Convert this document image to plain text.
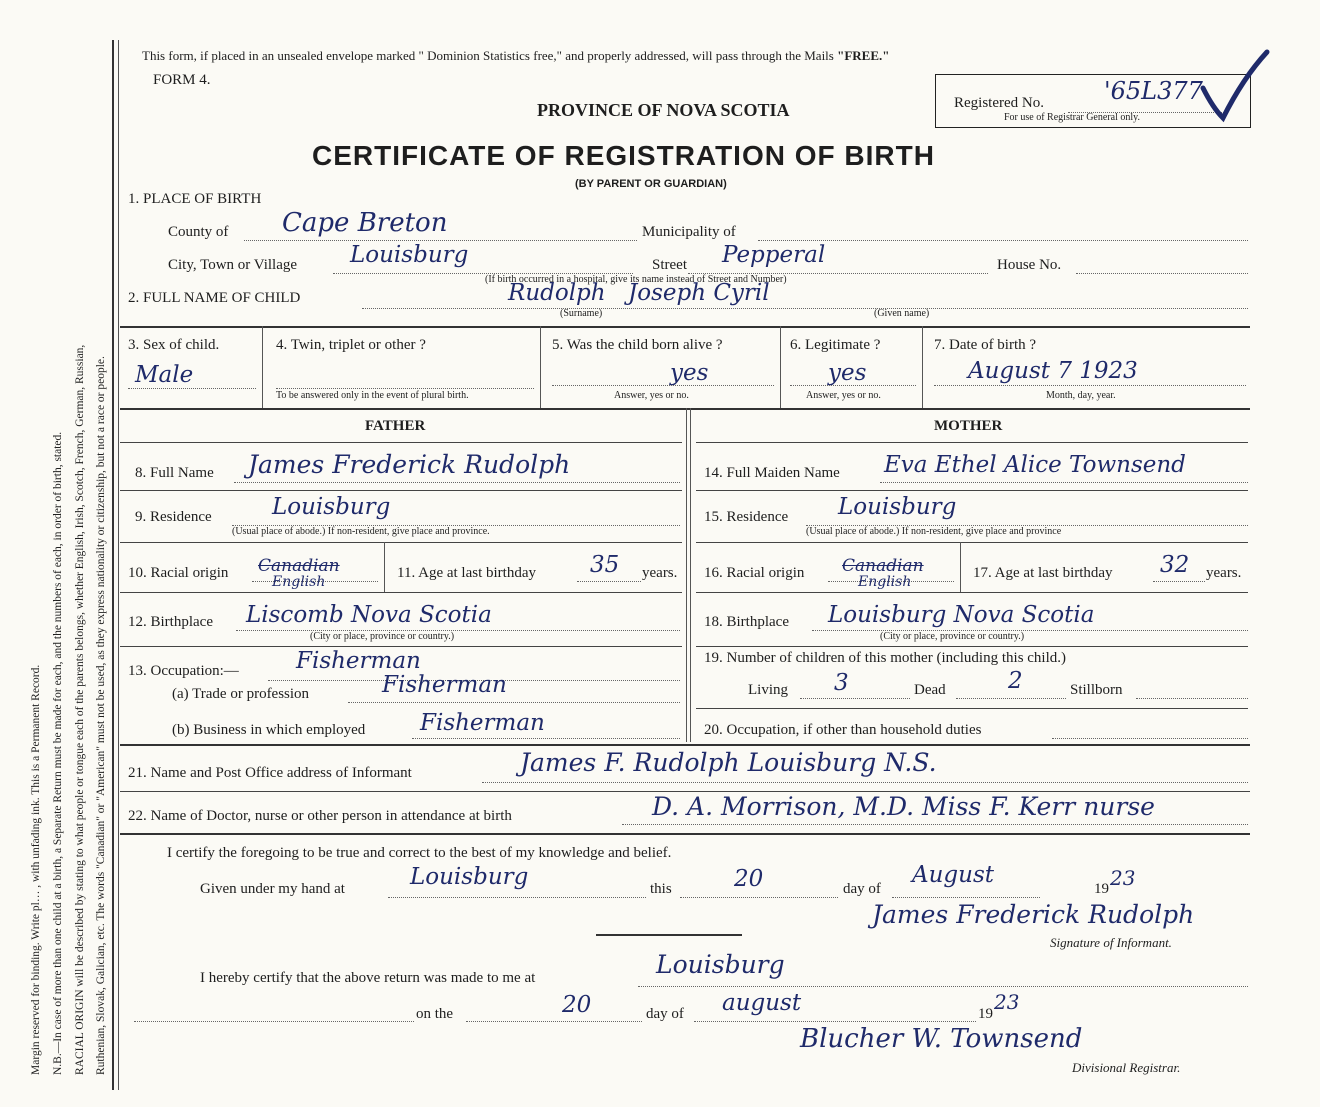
Margin reserved for binding. Write pl… , with unfading ink. This is a Permanent Record. N.B.—In case of more than one child at a birth, a Separate Return must be made for each, and the numbers of each, in order of birth, stated. RACIAL ORIGIN will be described by stating to what people or tongue each of the parents belongs, whether English, Irish, Scotch, French, German, Russian, Ruthenian, Slovak, Galician, etc. The words "Canadian" or "American" must not be used, as they express nationality or citizenship, but not a race or people.
This form, if placed in an unsealed envelope marked " Dominion Statistics free," and properly addressed, will pass through the Mails "FREE."
FORM 4.
PROVINCE OF NOVA SCOTIA
CERTIFICATE OF REGISTRATION OF BIRTH
(BY PARENT OR GUARDIAN)
Registered No.	'65L377
For use of Registrar General only.
1. PLACE OF BIRTH
County of Cape Breton	Municipality of
City, Town or Village Louisburg	Street Pepperal	House No.
(If birth occurred in a hospital, give its name instead of Street and Number)
2. FULL NAME OF CHILD	Rudolph Joseph Cyril
(Surname)	(Given name)
3. Sex of child.
Male
4. Twin, triplet or other ?
To be answered only in the event of plural birth.
5. Was the child born alive ?
yes
Answer, yes or no.
6. Legitimate ?
yes
Answer, yes or no.
7. Date of birth ?
August 7 1923
Month, day, year.
FATHER	MOTHER
8. Full Name James Frederick Rudolph
9. Residence	Louisburg
(Usual place of abode.) If non-resident, give place and province.
10. Racial origin Canadian
English
11. Age at last birthday 35 years.
12. Birthplace Liscomb Nova Scotia
(City or place, province or country.)
13. Occupation:— Fisherman
(a) Trade or profession	Fisherman
(b) Business in which employed Fisherman
14. Full Maiden Name Eva Ethel Alice Townsend
15. Residence Louisburg
(Usual place of abode.) If non-resident, give place and province
16. Racial origin Canadian
English
17. Age at last birthday 32 years.
18. Birthplace Louisburg Nova Scotia
(City or place, province or country.)
19. Number of children of this mother (including this child.)
Living 3	Dead	2	Stillborn
20. Occupation, if other than household duties
21. Name and Post Office address of Informant	James F. Rudolph Louisburg N.S.
22. Name of Doctor, nurse or other person in attendance at birth	D. A. Morrison, M.D. Miss F. Kerr nurse
I certify the foregoing to be true and correct to the best of my knowledge and belief.
Given under my hand at	Louisburg	this	20	day of
August
19 23
James Frederick Rudolph
Signature of Informant.
I hereby certify that the above return was made to me at	Louisburg
on the	20	day of august	19 23
Blucher W. Townsend
Divisional Registrar.
